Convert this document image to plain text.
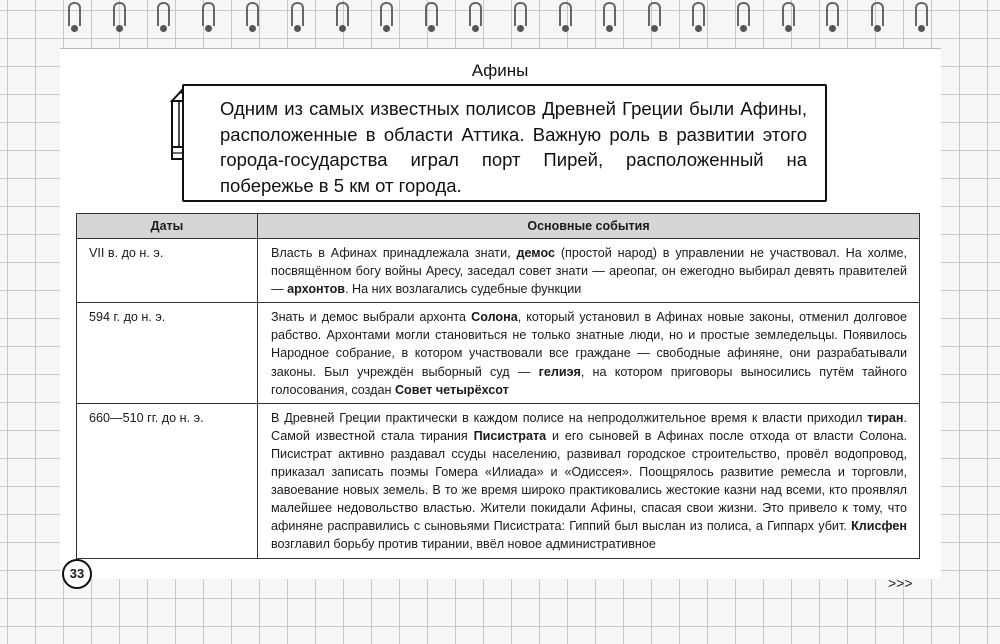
Афины
Одним из самых известных полисов Древней Греции были Афины, расположенные в области Аттика. Важную роль в развитии этого города-государства играл порт Пирей, расположенный на побережье в 5 км от города.
Даты	Основные события
VII в. до н. э.	Власть в Афинах принадлежала знати, демос (простой народ) в управлении не участвовал. На холме, посвящённом богу войны Аресу, заседал совет знати — ареопаг, он ежегодно выбирал девять правителей — архонтов. На них возлагались судебные функции
594 г. до н. э.	Знать и демос выбрали архонта Солона, который установил в Афинах новые законы, отменил долговое рабство. Архонтами могли становиться не только знатные люди, но и простые земледельцы. Появилось Народное собрание, в котором участвовали все граждане — свободные афиняне, они разрабатывали законы. Был учреждён выборный суд — гелиэя, на котором приговоры выносились путём тайного голосования, создан Совет четырёхсот
660—510 гг. до н. э.	В Древней Греции практически в каждом полисе на непродолжительное время к власти приходил тиран. Самой известной стала тирания Писистрата и его сыновей в Афинах после отхода от власти Солона. Писистрат активно раздавал ссуды населению, развивал городское строительство, провёл водопровод, приказал записать поэмы Гомера «Илиада» и «Одиссея». Поощрялось развитие ремесла и торговли, завоевание новых земель. В то же время широко практиковались жестокие казни над всеми, кто проявлял малейшее недовольство властью. Жители покидали Афины, спасая свои жизни. Это привело к тому, что афиняне расправились с сыновьями Писистрата: Гиппий был выслан из полиса, а Гиппарх убит. Клисфен возглавил борьбу против тирании, ввёл новое административное
33
>>>
